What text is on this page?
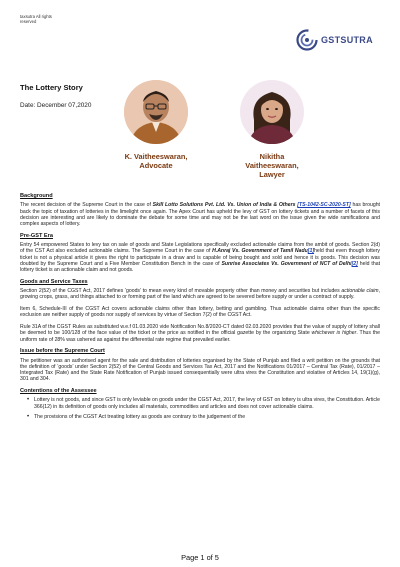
taxsutra All rights
reserved
GSTSUTRA
The Lottery Story
Date: December 07,2020
K. Vaitheeswaran,
Advocate
Nikitha
Vaitheeswaran,
Lawyer
Background
The recent decision of the Supreme Court in the case of Skill Lotto Solutions Pvt. Ltd. Vs. Union of India & Others [TS-1042-SC-2020-ST] has brought back the topic of taxation of lotteries in the limelight once again. The Apex Court has upheld the levy of GST on lottery tickets and a number of facets of this decision are interesting and are likely to dominate the debate for some time and may not be the last word on the issue given the wide ramifications and complex aspects of lottery.
Pre-GST Era
Entry 54 empowered States to levy tax on sale of goods and State Legislations specifically excluded actionable claims from the ambit of goods. Section 2(d) of the CST Act also excluded actionable claims. The Supreme Court in the case of H.Anraj Vs. Government of Tamil Nadu[1]held that even though lottery ticket is not a physical article it gives the right to participate in a draw and is capable of being bought and sold and hence it is goods. This decision was doubted by the Supreme Court and a Five Member Constitution Bench in the case of Sunrise Associates Vs. Government of NCT of Delhi[2] held that lottery ticket is an actionable claim and not goods.
Goods and Service Taxes
Section 2(52) of the CGST Act, 2017 defines ‘goods’ to mean every kind of movable property other than money and securities but includes actionable claim, growing crops, grass, and things attached to or forming part of the land which are agreed to be severed before supply or under a contract of supply.
Item 6, Schedule-III of the CGST Act covers actionable claims other than lottery, betting and gambling. Thus actionable claims other than the specific exclusion are neither supply of goods nor supply of services by virtue of Section 7(2) of the CGST Act.
Rule 31A of the CGST Rules as substituted w.e.f 01.03.2020 vide Notification No.8/2020-CT dated 02.03.2020 provides that the value of supply of lottery shall be deemed to be 100/128 of the face value of the ticket or the price as notified in the official gazette by the organizing State whichever is higher. Thus the uniform rate of 28% was ushered as against the differential rate regime that prevailed earlier.
Issue before the Supreme Court
The petitioner was an authorised agent for the sale and distribution of lotteries organised by the State of Punjab and filed a writ petition on the grounds that the definition of ‘goods’ under Section 2(52) of the Central Goods and Services Tax Act, 2017 and the Notifications 01/2017 – Central Tax (Rate), 01/2017 – Integrated Tax (Rate) and the State Rate Notification of Punjab issued consequentially were ultra vires the Constitution and violative of Articles 14, 19(1)(g), 301 and 304.
Contentions of the Assessee
• Lottery is not goods, and since GST is only leviable on goods under the CGST Act, 2017, the levy of GST on lottery is ultra vires, the Constitution. Article 366(12) in its definition of goods only includes all materials, commodities and articles and does not cover actionable claims.
• The provisions of the CGST Act treating lottery as goods are contrary to the judgement of the
Page 1 of 5
